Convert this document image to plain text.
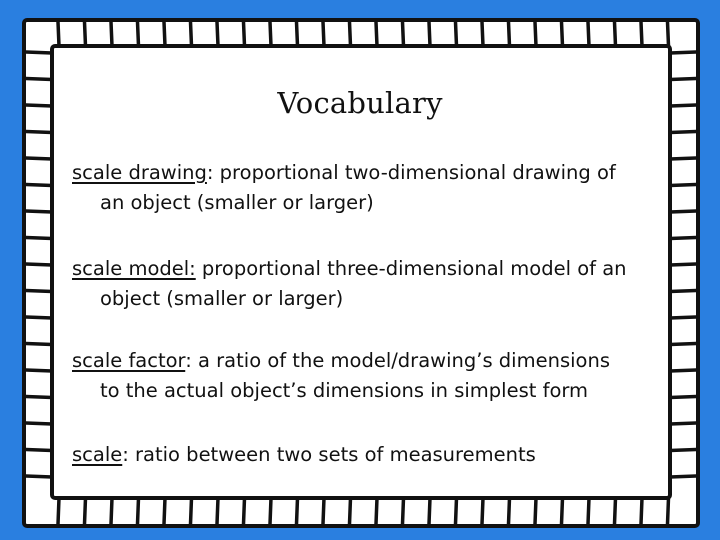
Vocabulary
scale drawing: proportional two-dimensional drawing of
an object (smaller or larger)
scale model: proportional three-dimensional model of an
object (smaller or larger)
scale factor: a ratio of the model/drawing’s dimensions
to the actual object’s dimensions in simplest form
scale: ratio between two sets of measurements
